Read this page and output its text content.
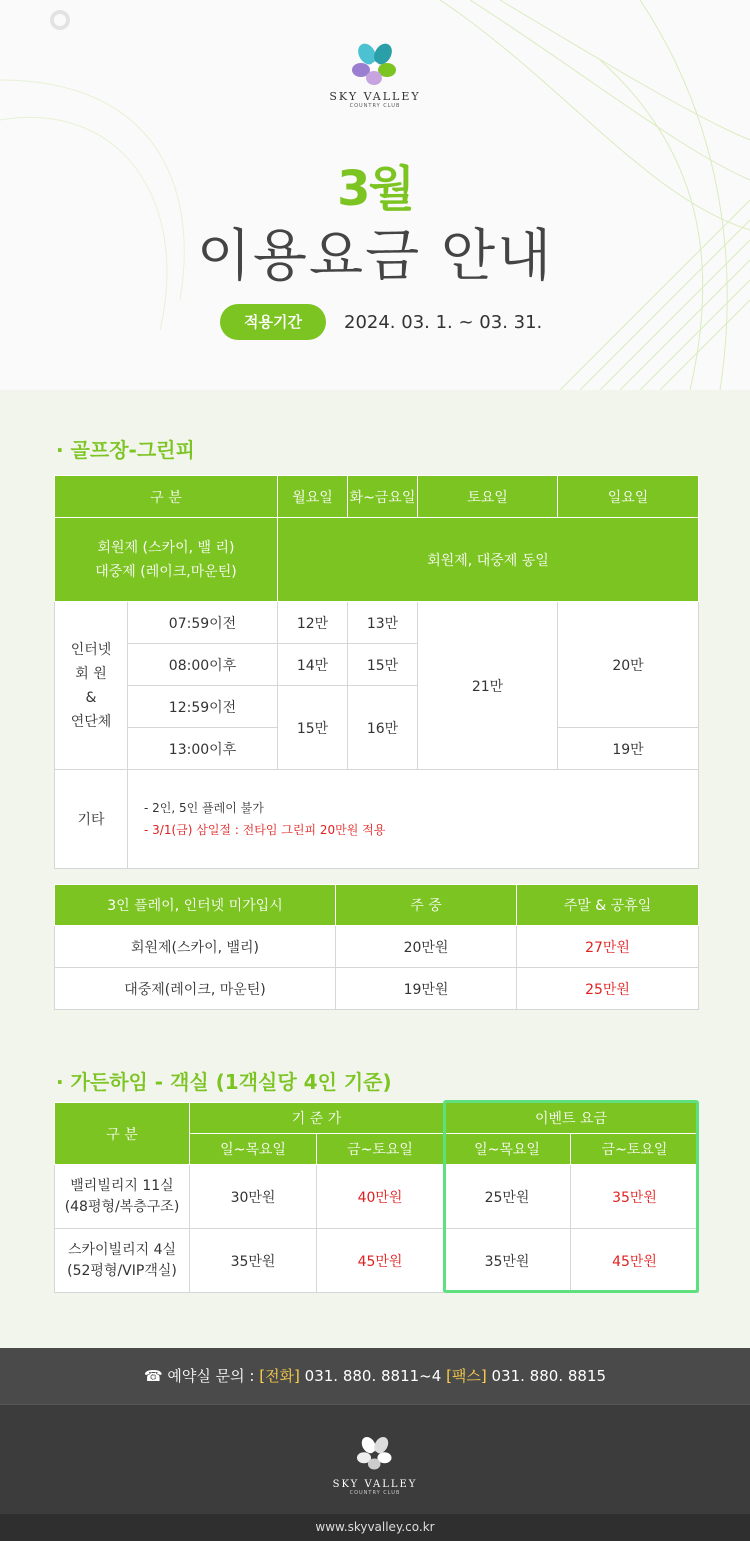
SKY VALLEY
COUNTRY CLUB
3월
이용요금 안내
적용기간	2024. 03. 1. ~ 03. 31.
· 골프장-그린피
구 분		월요일	화~금요일	토요일	일요일

회원제 (스카이, 밸 리)
대중제 (레이크,마운틴)		회원제, 대중제 동일			

인터넷
회 원
&
연단체	07:59이전	12만	13만	21만	20만
	08:00이후	14만	15만		
	12:59이전	15만	16만		
	13:00이후				19만
기타	- 2인, 5인 플레이 불가
- 3/1(금) 삼일절 : 전타임 그린피 20만원 적용				
3인 플레이, 인터넷 미가입시	주 중	주말 & 공휴일
회원제(스카이, 밸리)	20만원	27만원
대중제(레이크, 마운틴)	19만원	25만원
· 가든하임 - 객실 (1객실당 4인 기준)
구 분	기 준 가		이벤트 요금	
	일~목요일	금~토요일	일~목요일	금~토요일

밸리빌리지 11실
(48평형/복층구조)	30만원	40만원	25만원	35만원

스카이빌리지 4실
(52평형/VIP객실)	35만원	45만원	35만원	45만원
☎ 예약실 문의 : [전화] 031. 880. 8811~4 [팩스] 031. 880. 8815
SKY VALLEY
COUNTRY CLUB
www.skyvalley.co.kr
